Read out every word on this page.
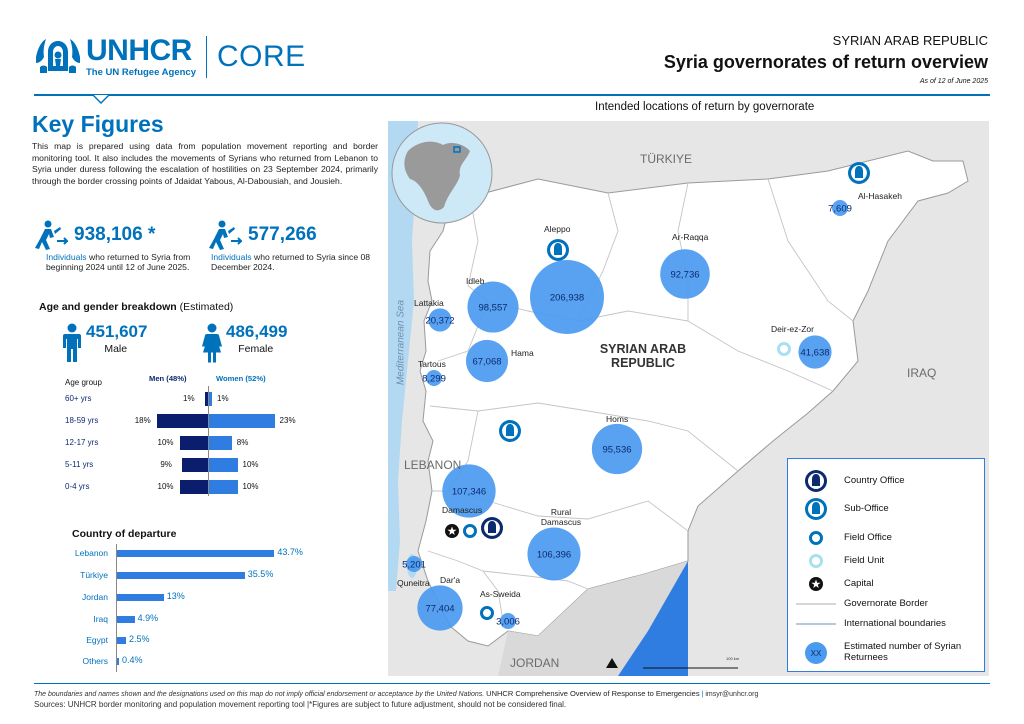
UNHCR
The UN Refugee Agency CORE	SYRIAN ARAB REPUBLIC
Syria governorates of return overview
As of 12 of June 2025
Key Figures
This map is prepared using data from population movement reporting and border monitoring tool. It also includes the movements of Syrians who returned from Lebanon to Syria under duress following the escalation of hostilities on 23 September 2024, primarily through the border crossing points of Jdaidat Yabous, Al-Dabousiah, and Jousieh.
938,106 *
Individuals who returned to Syria from beginning 2024 until 12 of June 2025.
577,266
Individuals who returned to Syria since 08 December 2024.
Age and gender breakdown (Estimated)
451,607
Male
486,499
Female
Age group	Men (48%)	Women (52%)
60+ yrs	1%	1%
18-59 yrs	18%	23%
12-17 yrs	10%	8%
5-11 yrs	9%	10%
0-4 yrs	10%	10%
Country of departure
Lebanon	43.7%
Türkiye	35.5%
Jordan	13%
Iraq	4.9%
Egypt 2.5%
Others 0.4%
Intended locations of return by governorate
7,609
206,938
92,736
98,557
20,372
41,638
67,068
8,299
95,536
107,346
106,396
5,201
77,404
3,006
TÜRKIYE
IRAQ
LEBANON
JORDAN
SYRIAN ARAB REPUBLIC
Mediterranean Sea
100 km
Al-Hasakeh
Aleppo
Ar-Raqqa
Idleb
Lattakia
Deir-ez-Zor
Hama
Tartous
Homs
Damascus	Rural Damascus
Quneitra Dar'a
As-Sweida
Country Office
Sub-Office
Field Office
Field Unit
Capital
Governorate Border
International boundaries
XX
Estimated number of Syrian Returnees
The boundaries and names shown and the designations used on this map do not imply official endorsement or acceptance by the United Nations. UNHCR Comprehensive Overview of Response to Emergencies | imsyr@unhcr.org
Sources: UNHCR border monitoring and population movement reporting tool |*Figures are subject to future adjustment, should not be considered final.
